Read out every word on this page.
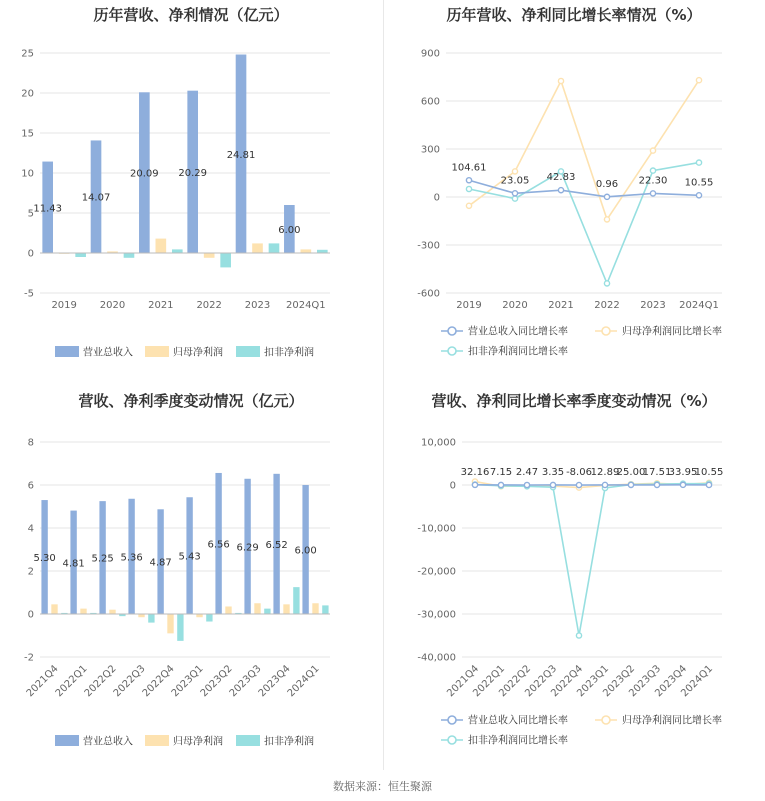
历年营收、净利情况（亿元）	历年营收、净利同比增长率情况（%）
营收、净利季度变动情况（亿元）	营收、净利同比增长率季度变动情况（%）
-5
0
5
10
15
20
25
2019 2020 2021 2022 2023 2024Q1
11.43
14.07
20.09 20.29
24.81
6.00
营业总收入	归母净利润	扣非净利润
-600
-300
0
300
600
900
2019 2020 2021 2022 2023 2024Q1
104.61
23.05 42.83
0.96 22.30 10.55
营业总收入同比增长率	归母净利润同比增长率
扣非净利润同比增长率
-2
0
2
4
6
8
2021Q4
2022Q1
2022Q2
2022Q3
2022Q4
2023Q1
2023Q2
2023Q3
2023Q4
2024Q1
5.30 4.81 5.25 5.36 4.87
5.43
6.56 6.29 6.52
6.00
营业总收入	归母净利润	扣非净利润
-40,000
-30,000
-20,000
-10,000
0
10,000
2021Q4
2022Q1
2022Q2
2022Q3
2022Q4
2023Q1
2023Q2
2023Q3
2023Q4
2024Q1
32.16 7.15 2.47 3.35 -8.06
12.89
25.00
17.51
33.95
10.55
营业总收入同比增长率	归母净利润同比增长率
扣非净利润同比增长率
数据来源：恒生聚源
